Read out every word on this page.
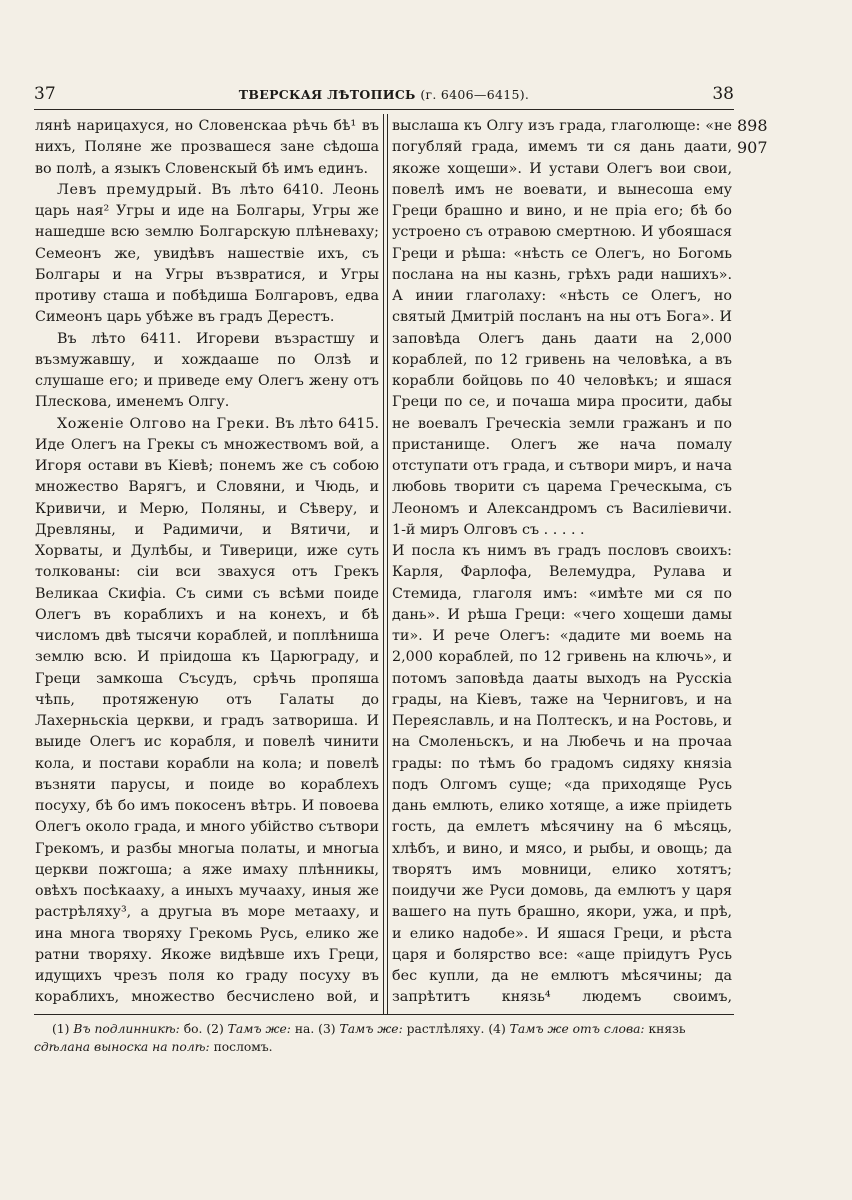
37	ТВЕРСКАЯ ЛѢТОПИСЬ (г. 6406—6415).	38
898
907

лянѣ нарицахуся, но Словенскаа рѣчь бѣ¹ въ нихъ, Поляне же прозвашеся зане сѣдоша во полѣ, а языкъ Словенскый бѣ имъ единъ.

Левъ премудрый. Въ лѣто 6410. Леонь царь ная² Угры и иде на Болгары, Угры же нашедше всю землю Болгарскую плѣневаху; Семеонъ же, увидѣвъ нашествіе ихъ, съ Болгары и на Угры възвратися, и Угры противу сташа и побѣдиша Болгаровъ, едва Симеонъ царь убѣже въ градъ Дерестъ.

Въ лѣто 6411. Игореви възрастшу и възмужавшу, и хождааше по Олзѣ и слушаше его; и приведе ему Олегъ жену отъ Плескова, именемъ Олгу.

Хоженіе Олгово на Греки. Въ лѣто 6415. Иде Олегъ на Грекы съ множествомъ вой, а Игоря остави въ Кіевѣ; понемъ же съ собою множество Варягъ, и Словяни, и Чюдь, и Кривичи, и Мерю, Поляны, и Сѣверу, и Древляны, и Радимичи, и Вятичи, и Хорваты, и Дулѣбы, и Тиверици, иже суть толкованы: сіи вси звахуся отъ Грекъ Великаа Скифіа. Съ сими съ всѣми поиде Олегъ въ кораблихъ и на конехъ, и бѣ числомъ двѣ тысячи кораблей, и поплѣниша землю всю. И пріидоша къ Царюграду, и Греци замкоша Съсудъ, срѣчь пропяша чѣпь, протяженую отъ Галаты до Лахерньскіа церкви, и градъ затвориша. И выиде Олегъ ис корабля, и повелѣ чинити кола, и постави корабли на кола; и повелѣ възняти парусы, и поиде во кораблехъ посуху, бѣ бо имъ покосенъ вѣтрь. И повоева Олегъ около града, и много убійство сътвори Грекомъ, и разбы многыа полаты, и многыа церкви пожгоша; а яже имаху плѣнникы, овѣхъ посѣкааху, а иныхъ мучааху, иныя же растрѣляху³, а другыа въ море метааху, и ина многа творяху Грекомь Русь, елико же ратни творяху. Якоже видѣвше ихъ Греци, идущихъ чрезъ поля ко граду посуху въ кораблихъ, множество бесчислено вой, и

выслаша къ Олгу изъ града, глаголюще: «не погубляй града, имемъ ти ся дань даати, якоже хощеши». И устави Олегъ вои свои, повелѣ имъ не воевати, и вынесоша ему Греци брашно и вино, и не пріа его; бѣ бо устроено съ отравою смертною. И убояшася Греци и рѣша: «нѣсть се Олегъ, но Богомь послана на ны казнь, грѣхъ ради нашихъ». А инии глаголаху: «нѣсть се Олегъ, но святый Дмитрій посланъ на ны отъ Бога». И заповѣда Олегъ дань даати на 2,000 кораблей, по 12 гривень на человѣка, а въ корабли бойцовь по 40 человѣкъ; и яшася Греци по се, и почаша мира просити, дабы не воевалъ Греческіа земли гражанъ и по пристанище. Олегъ же нача помалу отступати отъ града, и сътвори миръ, и нача любовь творити съ царема Греческыма, съ Леономъ и Александромъ съ Василіевичи. 1-й миръ Олговъ съ . . . . .

И посла къ нимъ въ градъ пословъ своихъ: Карля, Фарлофа, Велемудра, Рулава и Стемида, глаголя имъ: «имѣте ми ся по дань». И рѣша Греци: «чего хощеши дамы ти». И рече Олегъ: «дадите ми воемь на 2,000 кораблей, по 12 гривень на ключь», и потомъ заповѣда дааты выходъ на Русскіа грады, на Кіевъ, таже на Черниговъ, и на Переяславль, и на Полтескъ, и на Ростовь, и на Смоленьскъ, и на Любечь и на прочаа грады: по тѣмъ бо градомъ сидяху князіа подъ Олгомъ суще; «да приходяще Русь дань емлють, елико хотяще, а иже пріидеть гость, да емлетъ мѣсячину на 6 мѣсяць, хлѣбъ, и вино, и мясо, и рыбы, и овощь; да творятъ имъ мовници, елико хотятъ; поидучи же Руси домовь, да емлютъ у царя вашего на путь брашно, якори, ужа, и прѣ, и елико надобе». И яшася Греци, и рѣста царя и болярство все: «аще пріидутъ Русь бес купли, да не емлютъ мѣсячины; да запрѣтитъ князь⁴ людемъ своимъ,

(1) Въ подлинникѣ: бо. (2) Тамъ же: на. (3) Тамъ же: растлѣляху. (4) Тамъ же отъ слова: князь сдѣлана выноска на полѣ: посломъ.
